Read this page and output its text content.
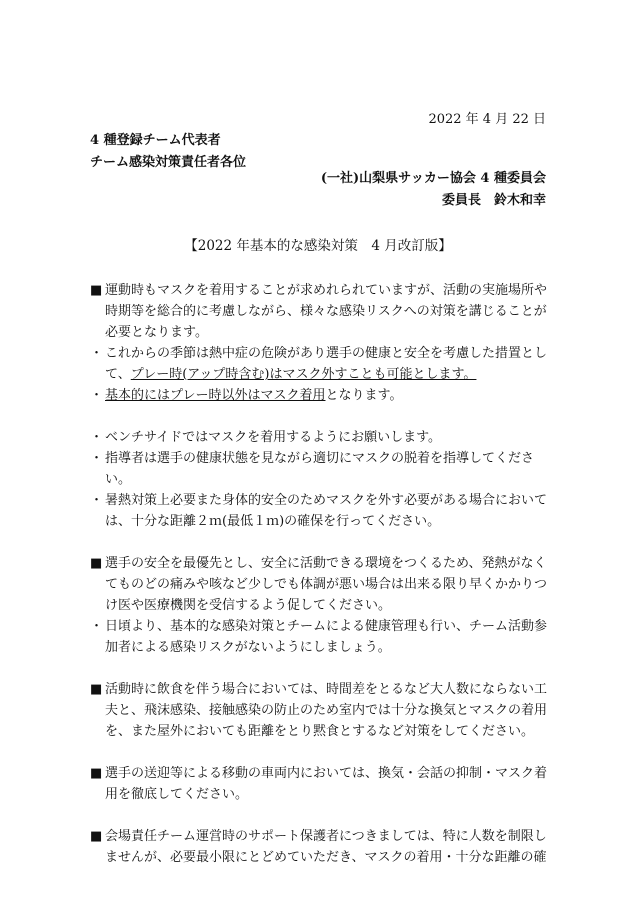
2022 年 4 月 22 日
4 種登録チーム代表者
チーム感染対策責任者各位
(一社)山梨県サッカー協会 4 種委員会
委員長　鈴木和幸
【2022 年基本的な感染対策　4 月改訂版】
■ 運動時もマスクを着用することが求めれられていますが、活動の実施場所や時期等を総合的に考慮しながら、様々な感染リスクへの対策を講じることが必要となります。
・ これからの季節は熱中症の危険があり選手の健康と安全を考慮した措置として、プレー時(アップ時含む)はマスク外すことも可能とします。
・ 基本的にはプレー時以外はマスク着用となります。
・ ベンチサイドではマスクを着用するようにお願いします。
・ 指導者は選手の健康状態を見ながら適切にマスクの脱着を指導してください。
・ 暑熱対策上必要また身体的安全のためマスクを外す必要がある場合においては、十分な距離２ｍ(最低１ｍ)の確保を行ってください。
■ 選手の安全を最優先とし、安全に活動できる環境をつくるため、発熱がなくてものどの痛みや咳など少しでも体調が悪い場合は出来る限り早くかかりつけ医や医療機関を受信するよう促してください。
・ 日頃より、基本的な感染対策とチームによる健康管理も行い、チーム活動参加者による感染リスクがないようにしましょう。
■ 活動時に飲食を伴う場合においては、時間差をとるなど大人数にならない工夫と、飛沫感染、接触感染の防止のため室内では十分な換気とマスクの着用を、また屋外においても距離をとり黙食とするなど対策をしてください。
■ 選手の送迎等による移動の車両内においては、換気・会話の抑制・マスク着用を徹底してください。
■ 会場責任チーム運営時のサポート保護者につきましては、特に人数を制限しませんが、必要最小限にとどめていただき、マスクの着用・十分な距離の確
